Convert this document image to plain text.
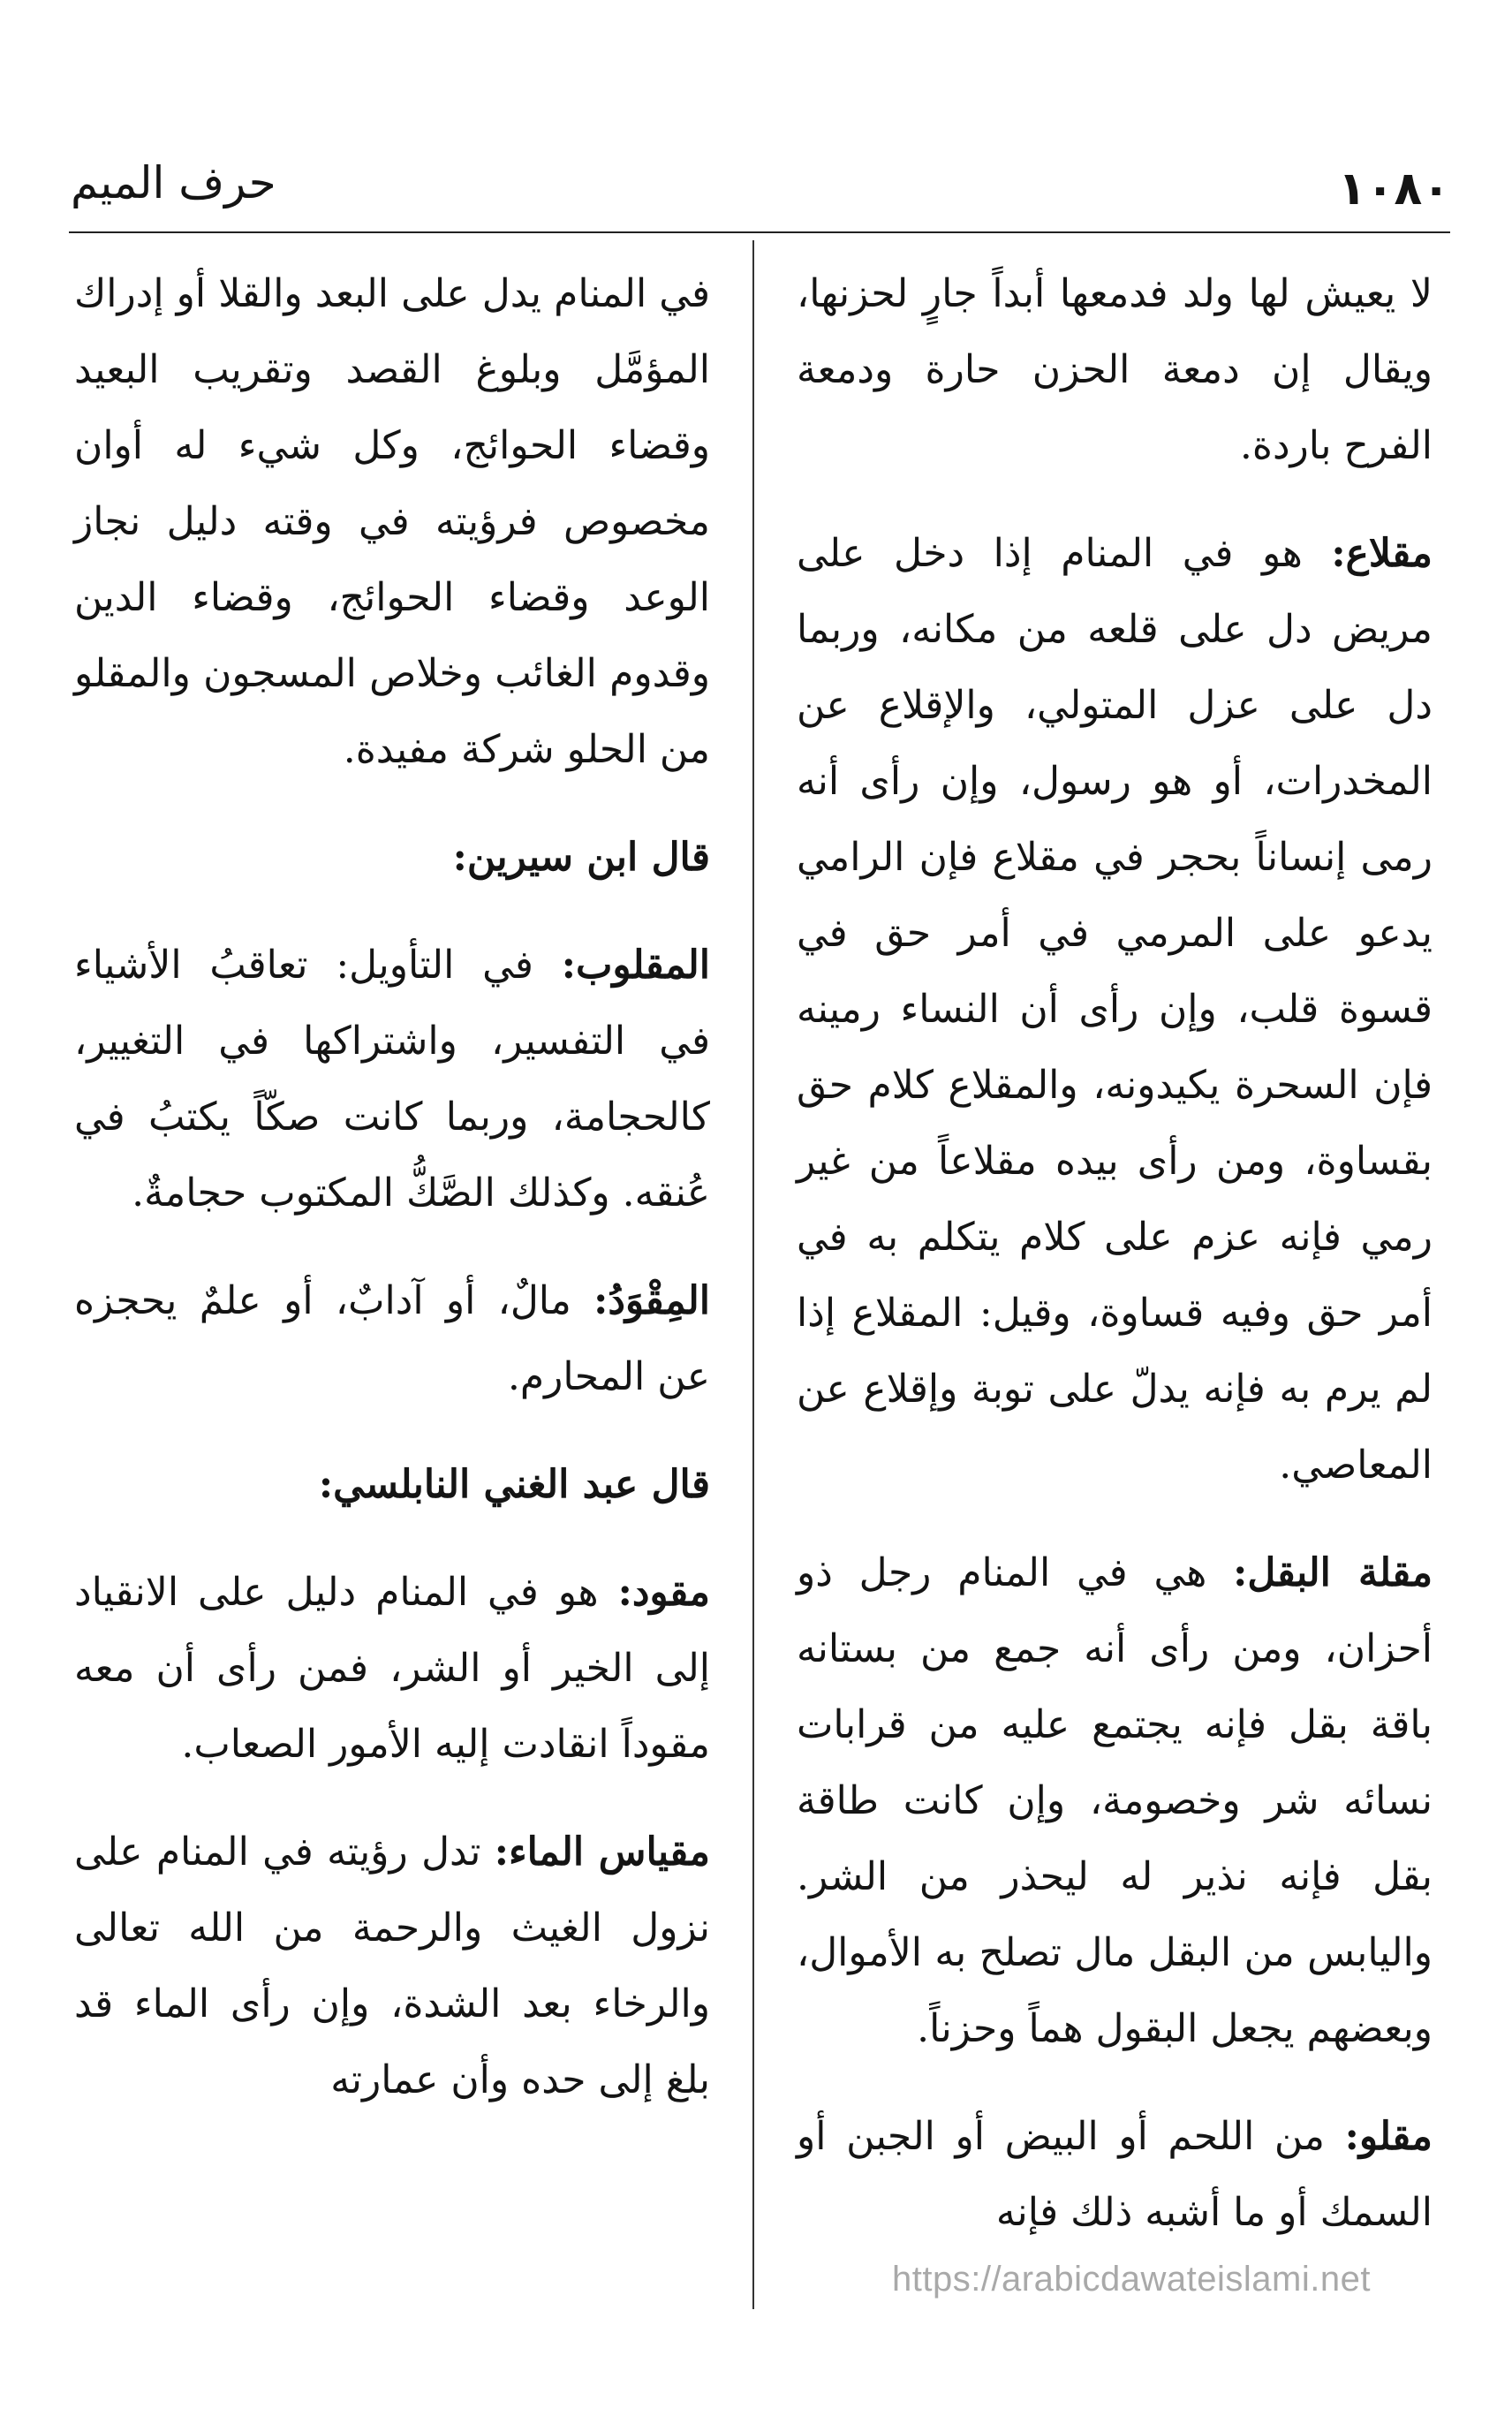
حرف الميم	١٠٨٠

لا يعيش لها ولد فدمعها أبداً جارٍ لحزنها، ويقال إن دمعة الحزن حارة ودمعة الفرح باردة.

مقلاع: هو في المنام إذا دخل على مريض دل على قلعه من مكانه، وربما دل على عزل المتولي، والإقلاع عن المخدرات، أو هو رسول، وإن رأى أنه رمى إنساناً بحجر في مقلاع فإن الرامي يدعو على المرمي في أمر حق في قسوة قلب، وإن رأى أن النساء رمينه فإن السحرة يكيدونه، والمقلاع كلام حق بقساوة، ومن رأى بيده مقلاعاً من غير رمي فإنه عزم على كلام يتكلم به في أمر حق وفيه قساوة، وقيل: المقلاع إذا لم يرم به فإنه يدلّ على توبة وإقلاع عن المعاصي.

مقلة البقل: هي في المنام رجل ذو أحزان، ومن رأى أنه جمع من بستانه باقة بقل فإنه يجتمع عليه من قرابات نسائه شر وخصومة، وإن كانت طاقة بقل فإنه نذير له ليحذر من الشر. واليابس من البقل مال تصلح به الأموال، وبعضهم يجعل البقول هماً وحزناً.

مقلو: من اللحم أو البيض أو الجبن أو السمك أو ما أشبه ذلك فإنه

في المنام يدل على البعد والقلا أو إدراك المؤمَّل وبلوغ القصد وتقريب البعيد وقضاء الحوائج، وكل شيء له أوان مخصوص فرؤيته في وقته دليل نجاز الوعد وقضاء الحوائج، وقضاء الدين وقدوم الغائب وخلاص المسجون والمقلو من الحلو شركة مفيدة.

قال ابن سيرين:

المقلوب: في التأويل: تعاقبُ الأشياء في التفسير، واشتراكها في التغيير، كالحجامة، وربما كانت صكّاً يكتبُ في عُنقه. وكذلك الصَّكُّ المكتوب حجامةٌ.

المِقْوَدُ: مالٌ، أو آدابٌ، أو علمٌ يحجزه عن المحارم.

قال عبد الغني النابلسي:

مقود: هو في المنام دليل على الانقياد إلى الخير أو الشر، فمن رأى أن معه مقوداً انقادت إليه الأمور الصعاب.

مقياس الماء: تدل رؤيته في المنام على نزول الغيث والرحمة من الله تعالى والرخاء بعد الشدة، وإن رأى الماء قد بلغ إلى حده وأن عمارته

https://arabicdawateislami.net
